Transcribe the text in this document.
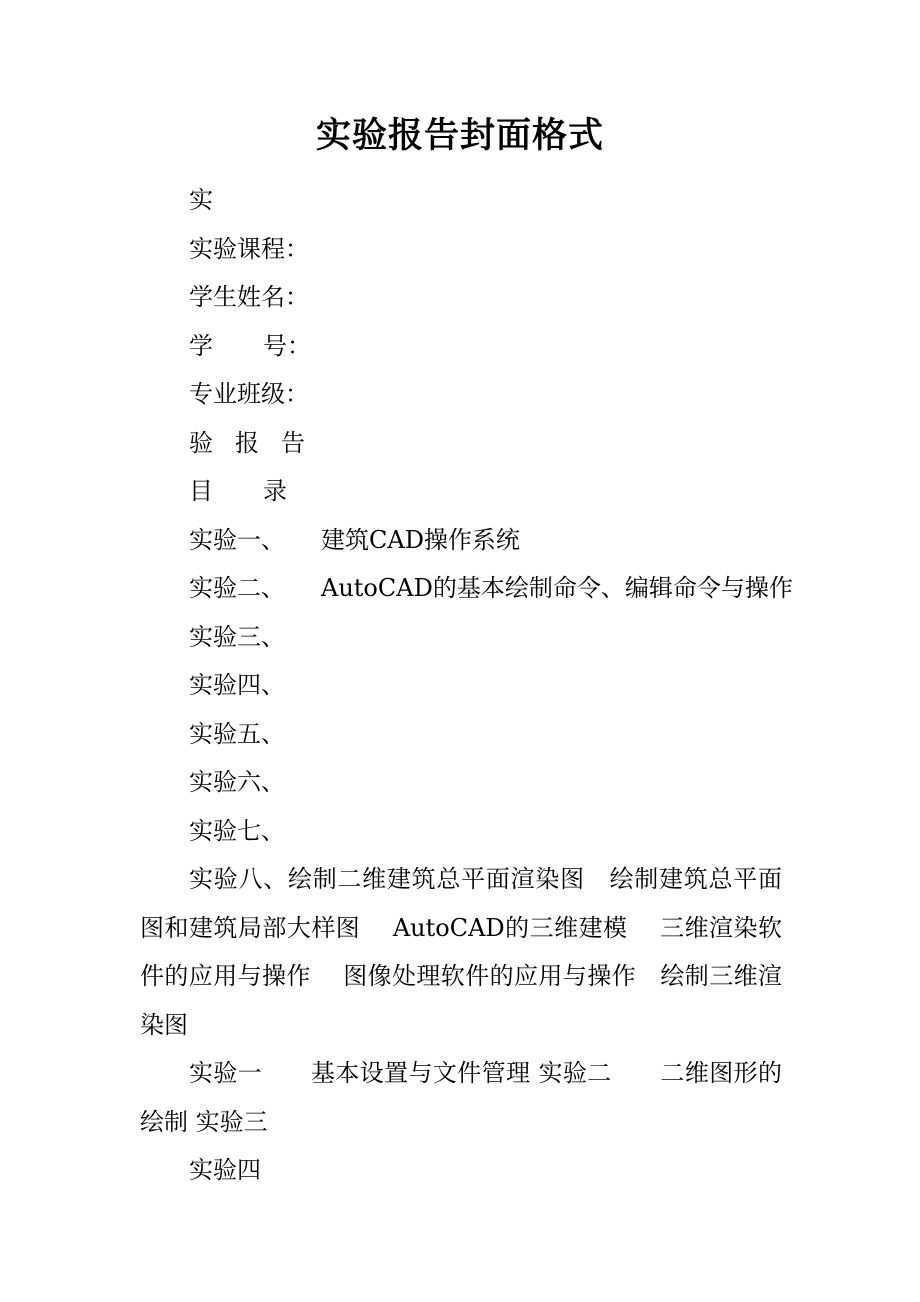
实验报告封面格式
实
实验课程：
学生姓名：
学 号：
专业班级：
验 报 告
目 录
实验一、 建筑CAD操作系统
实验二、 AutoCAD的基本绘制命令、编辑命令与操作
实验三、
实验四、
实验五、
实验六、
实验七、
实验八、绘制二维建筑总平面渲染图　绘制建筑总平面图和建筑局部大样图　 AutoCAD的三维建模　 三维渲染软件的应用与操作　 图像处理软件的应用与操作　绘制三维渲染图
实验一　　基本设置与文件管理 实验二　　二维图形的绘制 实验三
实验四
